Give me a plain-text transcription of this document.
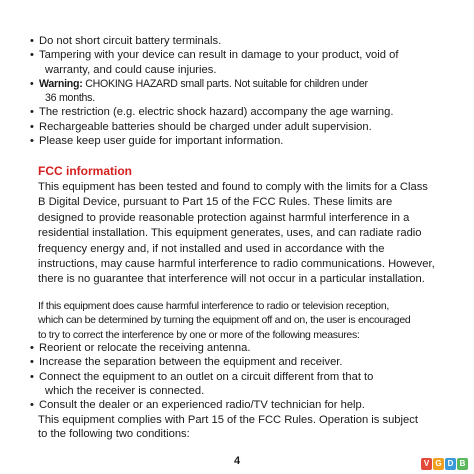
• Do not short circuit battery terminals.
• Tampering with your device can result in damage to your product, void of
warranty, and could cause injuries.
• Warning: CHOKING HAZARD small parts. Not suitable for children under
36 months.
• The restriction (e.g. electric shock hazard) accompany the age warning.
• Rechargeable batteries should be charged under adult supervision.
• Please keep user guide for important information.
FCC information
This equipment has been tested and found to comply with the limits for a Class
B Digital Device, pursuant to Part 15 of the FCC Rules. These limits are
designed to provide reasonable protection against harmful interference in a
residential installation. This equipment generates, uses, and can radiate radio
frequency energy and, if not installed and used in accordance with the
instructions, may cause harmful interference to radio communications. However,
there is no guarantee that interference will not occur in a particular installation.
If this equipment does cause harmful interference to radio or television reception,
which can be determined by turning the equipment off and on, the user is encouraged
to try to correct the interference by one or more of the following measures:
• Reorient or relocate the receiving antenna.
• Increase the separation between the equipment and receiver.
• Connect the equipment to an outlet on a circuit different from that to
which the receiver is connected.
• Consult the dealer or an experienced radio/TV technician for help.
This equipment complies with Part 15 of the FCC Rules. Operation is subject
to the following two conditions:
4	V G D B
